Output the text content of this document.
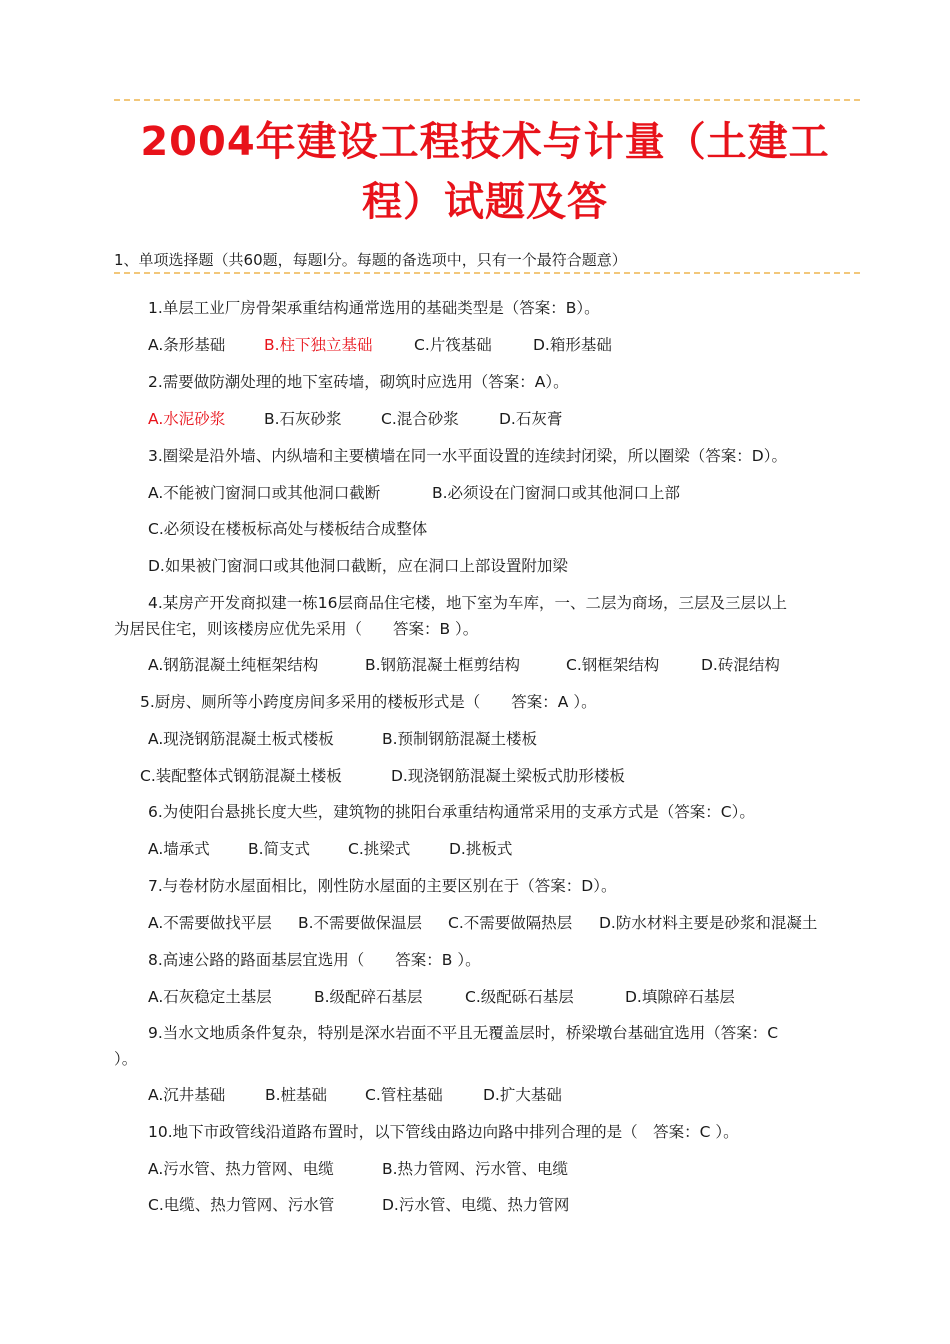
2004年建设工程技术与计量（土建工
程）试题及答
1、单项选择题（共60题，每题l分。每题的备选项中，只有一个最符合题意）
1.单层工业厂房骨架承重结构通常选用的基础类型是（答案：B）。
A.条形基础 B.柱下独立基础	C.片筏基础	D.箱形基础
2.需要做防潮处理的地下室砖墙，砌筑时应选用（答案：A）。
A.水泥砂浆 B.石灰砂浆	C.混合砂浆	D.石灰膏
3.圈梁是沿外墙、内纵墙和主要横墙在同一水平面设置的连续封闭梁，所以圈梁（答案：D）。
A.不能被门窗洞口或其他洞口截断	B.必须设在门窗洞口或其他洞口上部
C.必须设在楼板标高处与楼板结合成整体
D.如果被门窗洞口或其他洞口截断，应在洞口上部设置附加梁
4.某房产开发商拟建一栋16层商品住宅楼，地下室为车库，一、二层为商场，三层及三层以上
为居民住宅，则该楼房应优先采用（　　答案：B ）。
A.钢筋混凝土纯框架结构	B.钢筋混凝土框剪结构	C.钢框架结构	D.砖混结构
5.厨房、厕所等小跨度房间多采用的楼板形式是（　　答案：A ）。
A.现浇钢筋混凝土板式楼板	B.预制钢筋混凝土楼板
C.装配整体式钢筋混凝土楼板	D.现浇钢筋混凝土梁板式肋形楼板
6.为使阳台悬挑长度大些，建筑物的挑阳台承重结构通常采用的支承方式是（答案：C）。
A.墙承式 B.简支式 C.挑梁式	D.挑板式
7.与卷材防水屋面相比，刚性防水屋面的主要区别在于（答案：D）。
A.不需要做找平层 B.不需要做保温层 C.不需要做隔热层 D.防水材料主要是砂浆和混凝土
8.高速公路的路面基层宜选用（　　答案：B ）。
A.石灰稳定土基层	B.级配碎石基层	C.级配砾石基层	D.填隙碎石基层
9.当水文地质条件复杂，特别是深水岩面不平且无覆盖层时，桥梁墩台基础宜选用（答案：C
）。
A.沉井基础	B.桩基础 C.管柱基础	D.扩大基础
10.地下市政管线沿道路布置时，以下管线由路边向路中排列合理的是（　答案：C ）。
A.污水管、热力管网、电缆	B.热力管网、污水管、电缆
C.电缆、热力管网、污水管	D.污水管、电缆、热力管网
